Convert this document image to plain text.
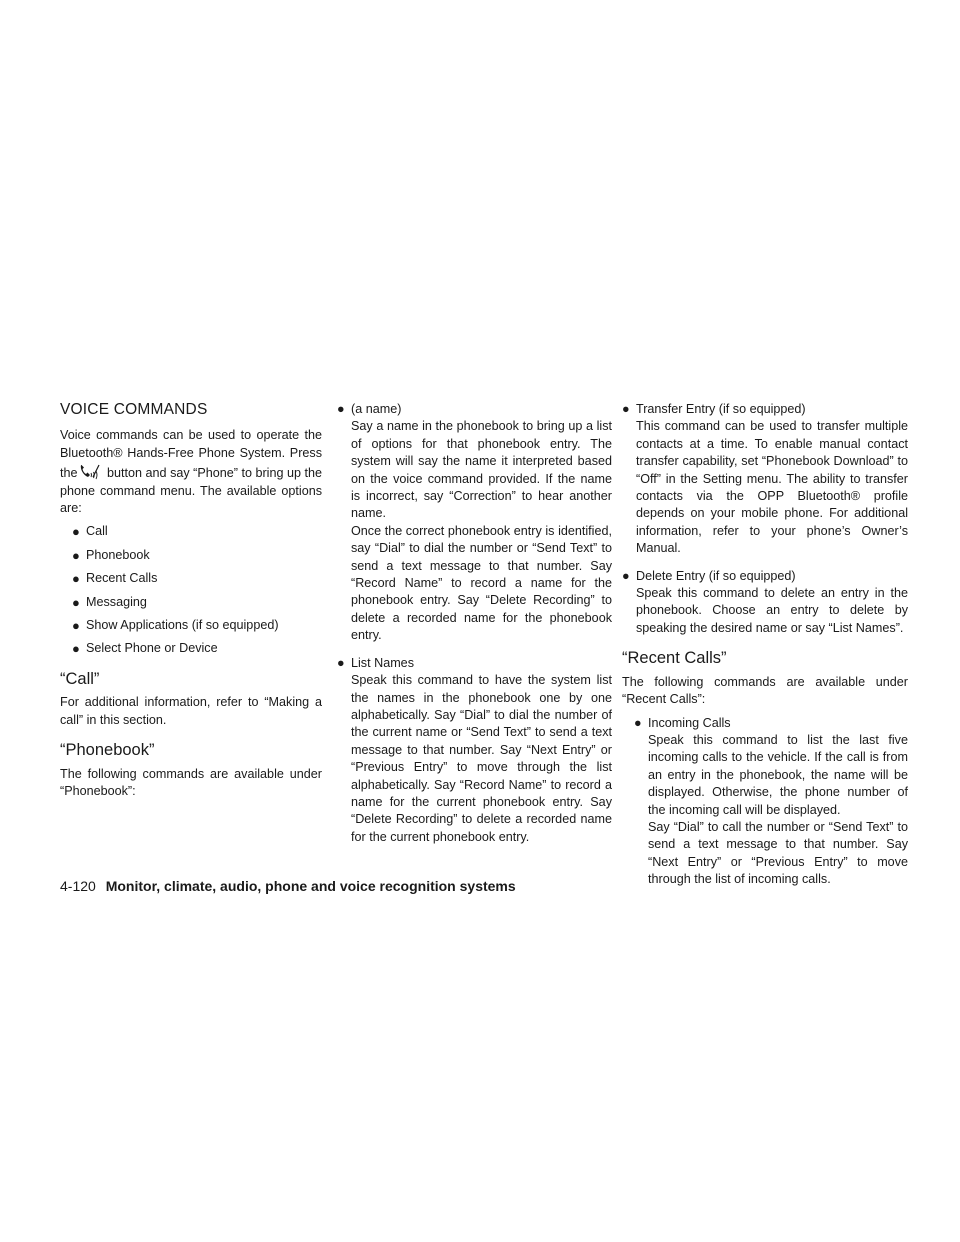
VOICE COMMANDS

Voice commands can be used to operate the Bluetooth® Hands-Free Phone System. Press the button and say “Phone” to bring up the phone command menu. The available options are:

● Call
● Phonebook
● Recent Calls
● Messaging
● Show Applications (if so equipped)
● Select Phone or Device
“Call”

For additional information, refer to “Making a call” in this section.

“Phonebook”

The following commands are available under “Phonebook”:

● (a name)
Say a name in the phonebook to bring up a list of options for that phonebook entry. The system will say the name it interpreted based on the voice command provided. If the name is incorrect, say “Correction” to hear another name.
Once the correct phonebook entry is identified, say “Dial” to dial the number or “Send Text” to send a text message to that number. Say “Record Name” to record a name for the phonebook entry. Say “Delete Recording” to delete a recorded name for the phonebook entry.
● List Names
Speak this command to have the system list the names in the phonebook one by one alphabetically. Say “Dial” to dial the number of the current name or “Send Text” to send a text message to that number. Say “Next Entry” or “Previous Entry” to move through the list alphabetically. Say “Record Name” to record a name for the current phonebook entry. Say “Delete Recording” to delete a recorded name for the current phonebook entry.
● Transfer Entry (if so equipped)
This command can be used to transfer multiple contacts at a time. To enable manual contact transfer capability, set “Phonebook Download” to “Off” in the Setting menu. The ability to transfer contacts via the OPP Bluetooth® profile depends on your mobile phone. For additional information, refer to your phone’s Owner’s Manual.
● Delete Entry (if so equipped)
Speak this command to delete an entry in the phonebook. Choose an entry to delete by speaking the desired name or say “List Names”.
“Recent Calls”

The following commands are available under “Recent Calls”:

● Incoming Calls
Speak this command to list the last five incoming calls to the vehicle. If the call is from an entry in the phonebook, the name will be displayed. Otherwise, the phone number of the incoming call will be displayed.
Say “Dial” to call the number or “Send Text” to send a text message to that number. Say “Next Entry” or “Previous Entry” to move through the list of incoming calls.
4-120 Monitor, climate, audio, phone and voice recognition systems
